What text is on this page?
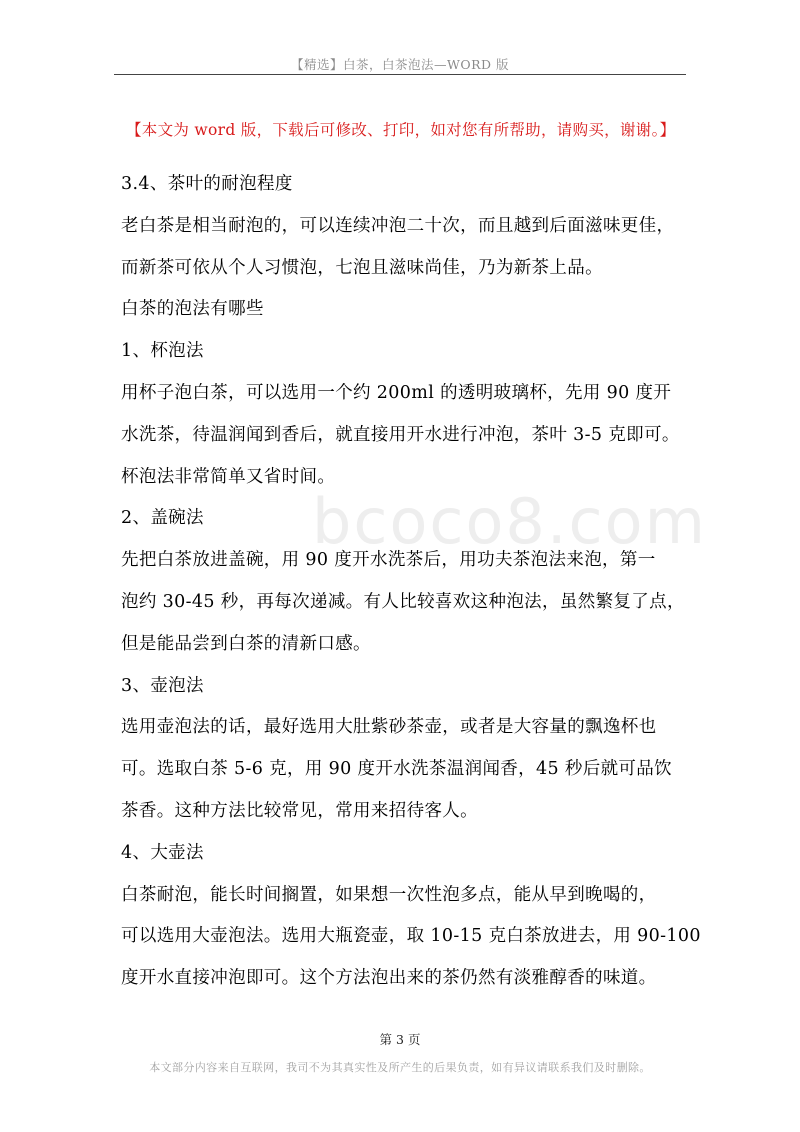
【精选】白茶，白茶泡法—WORD 版
【本文为 word 版，下载后可修改、打印，如对您有所帮助，请购买，谢谢。】
bcoco8.com
3.4、茶叶的耐泡程度
老白茶是相当耐泡的，可以连续冲泡二十次，而且越到后面滋味更佳，
而新茶可依从个人习惯泡，七泡且滋味尚佳，乃为新茶上品。
白茶的泡法有哪些
1、杯泡法
用杯子泡白茶，可以选用一个约 200ml 的透明玻璃杯，先用 90 度开
水洗茶，待温润闻到香后，就直接用开水进行冲泡，茶叶 3-5 克即可。
杯泡法非常简单又省时间。
2、盖碗法
先把白茶放进盖碗，用 90 度开水洗茶后，用功夫茶泡法来泡，第一
泡约 30-45 秒，再每次递减。有人比较喜欢这种泡法，虽然繁复了点，
但是能品尝到白茶的清新口感。
3、壶泡法
选用壶泡法的话，最好选用大肚紫砂茶壶，或者是大容量的飘逸杯也
可。选取白茶 5-6 克，用 90 度开水洗茶温润闻香，45 秒后就可品饮
茶香。这种方法比较常见，常用来招待客人。
4、大壶法
白茶耐泡，能长时间搁置，如果想一次性泡多点，能从早到晚喝的，
可以选用大壶泡法。选用大瓶瓷壶，取 10-15 克白茶放进去，用 90-100
度开水直接冲泡即可。这个方法泡出来的茶仍然有淡雅醇香的味道。
第 3 页
本文部分内容来自互联网，我司不为其真实性及所产生的后果负责，如有异议请联系我们及时删除。
